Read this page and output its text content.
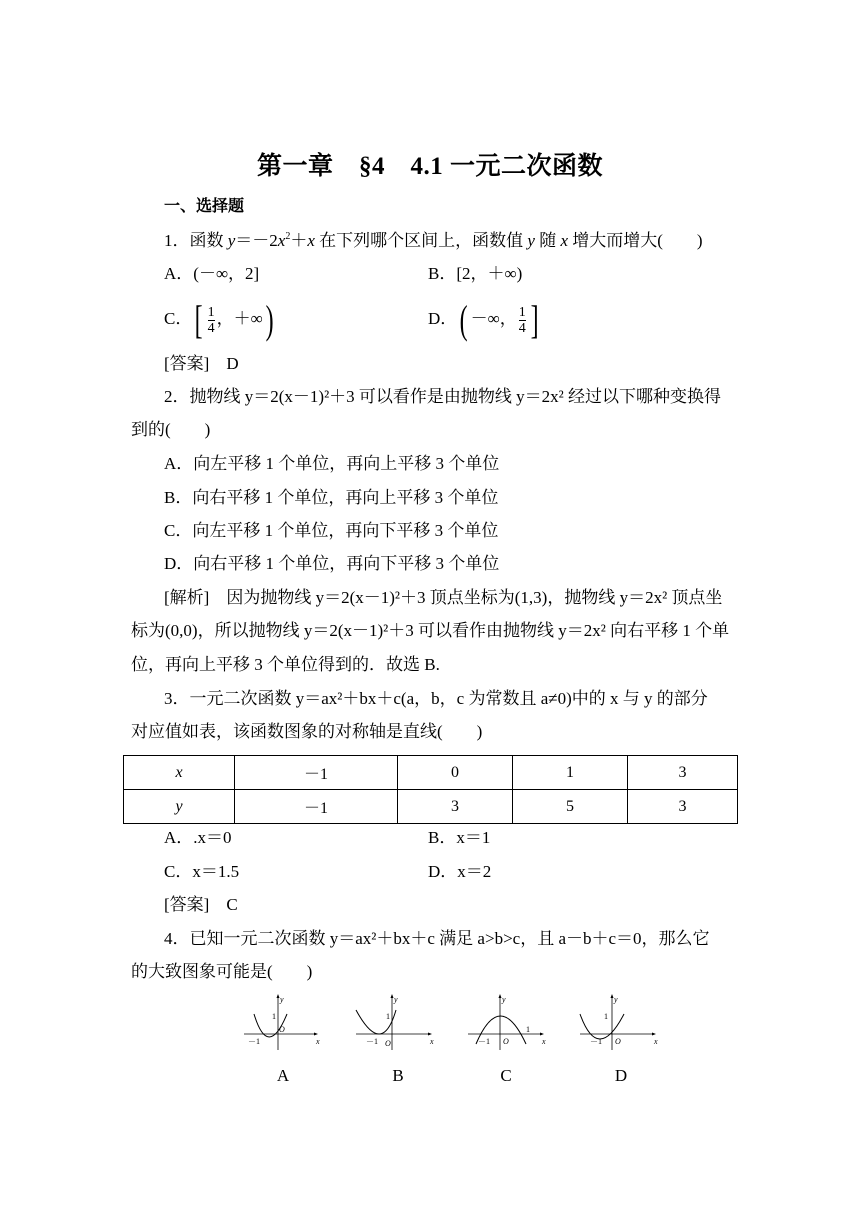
第一章　§4　4.1 一元二次函数
一、选择题
1．函数 $y=-2x^2+x$ 在下列哪个区间上，函数值 y 随 x 增大而增大(　　)
A．(－∞，2]	B．[2，＋∞)
C．[ $\frac{1}{4}$ ，＋∞)	D．( －∞， $\frac{1}{4}$ ]
[答案]　D
2．抛物线 y＝2(x－1)²＋3 可以看作是由抛物线 y＝2x² 经过以下哪种变换得
到的(　　)
A．向左平移 1 个单位，再向上平移 3 个单位
B．向右平移 1 个单位，再向上平移 3 个单位
C．向左平移 1 个单位，再向下平移 3 个单位
D．向右平移 1 个单位，再向下平移 3 个单位
[解析]　因为抛物线 y＝2(x－1)²＋3 顶点坐标为(1,3)，抛物线 y＝2x² 顶点坐
标为(0,0)，所以抛物线 y＝2(x－1)²＋3 可以看作由抛物线 y＝2x² 向右平移 1 个单
位，再向上平移 3 个单位得到的．故选 B.
3．一元二次函数 y＝ax²＋bx＋c(a，b，c 为常数且 a≠0)中的 x 与 y 的部分
对应值如表，该函数图象的对称轴是直线(　　)
x	－1	0	1	3
y	－1	3	5	3
A．.x＝0	B．x＝1
C．x＝1.5	D．x＝2
[答案]　C
4．已知一元二次函数 y＝ax²＋bx＋c 满足 a>b>c，且 a－b＋c＝0，那么它
的大致图象可能是(　　)
x
y
O
－1
1
A
x
y
O
－1
1
B
x
y
O
－1
1
C
x
y
O
－1
1
D
